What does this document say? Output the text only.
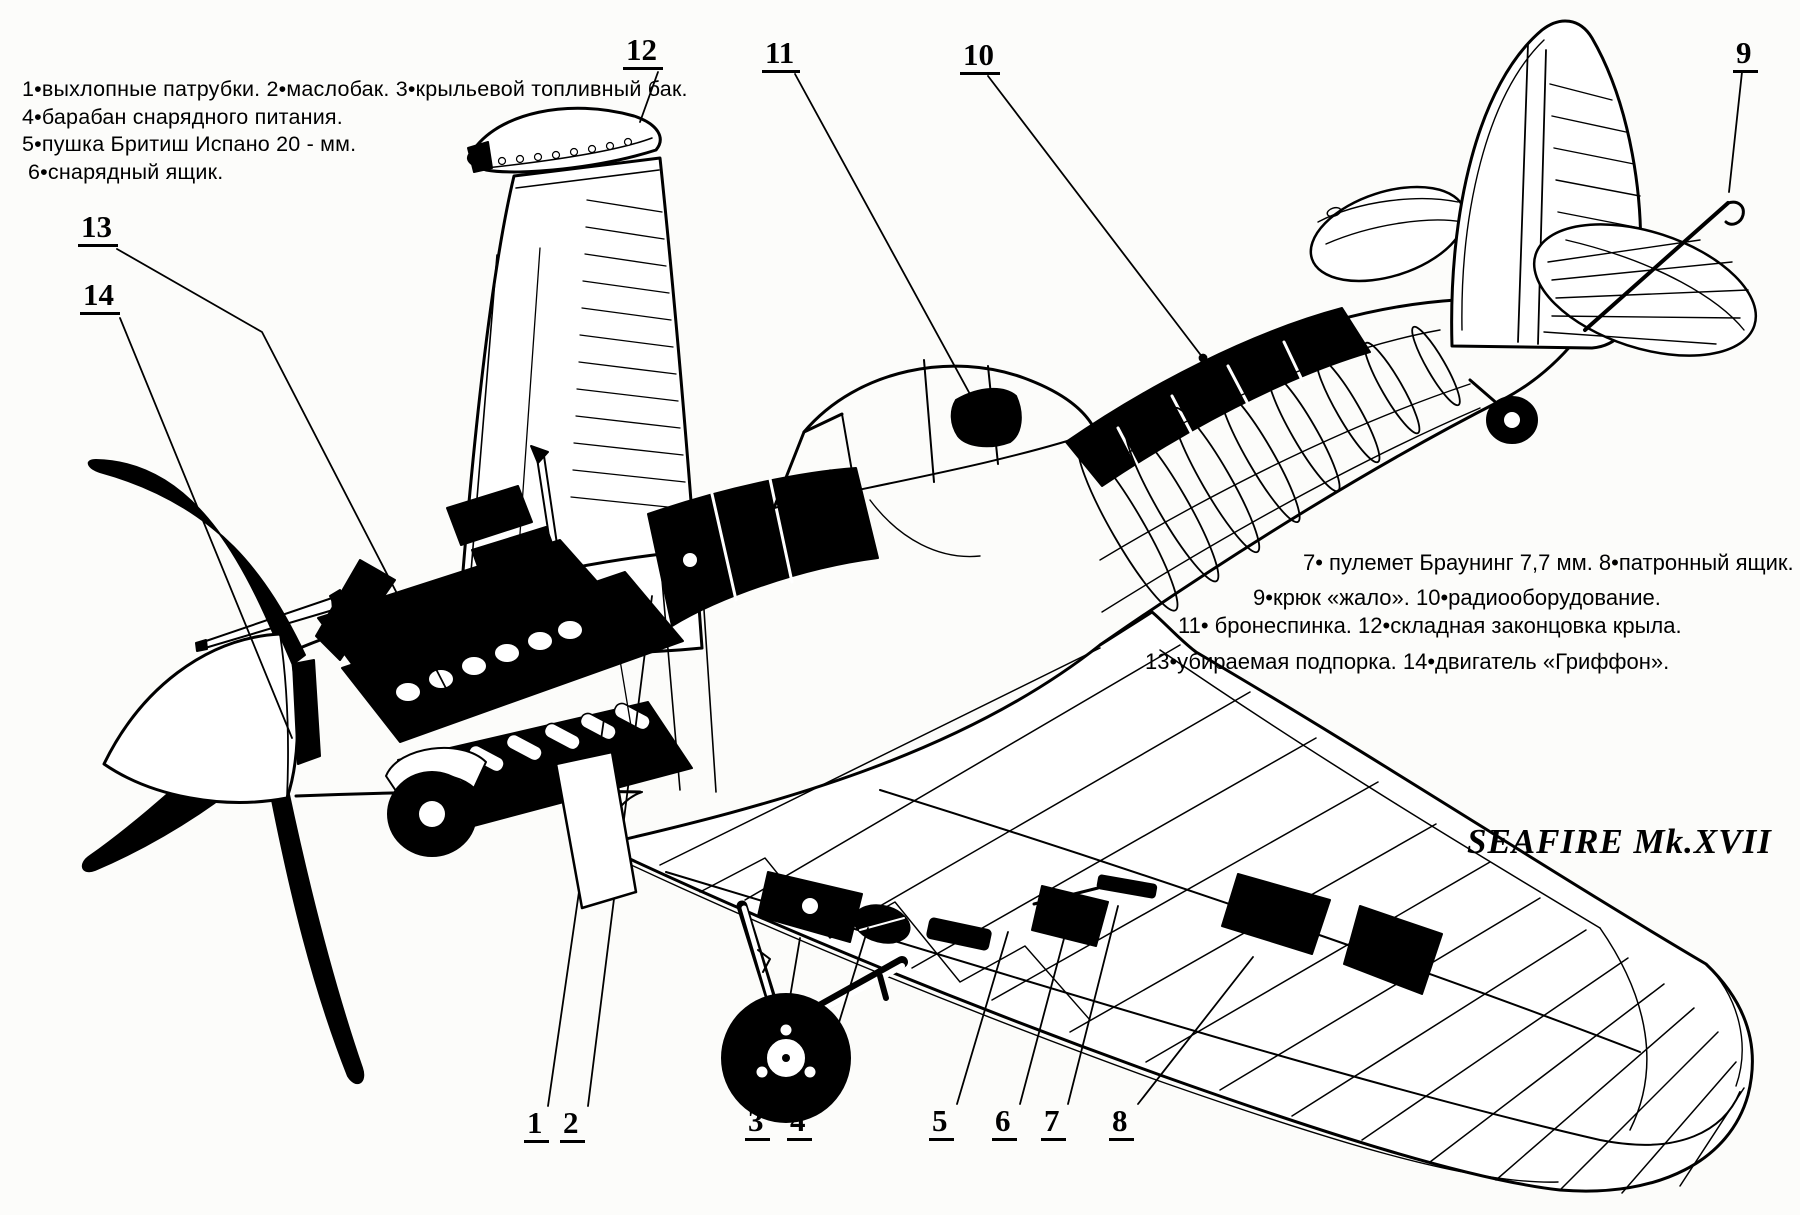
1•выхлопные патрубки. 2•маслобак. 3•крыльевой топливный бак.
4•барабан снарядного питания.
5•пушка Бритиш Испано 20 - мм.
6•снарядный ящик.
7• пулемет Браунинг 7,7 мм. 8•патронный ящик.
9•крюк «жало». 10•радиооборудование.
11• бронеспинка. 12•складная законцовка крыла.
13•убираемая подпорка. 14•двигатель «Гриффон».
1 2	3 4	5 6 7 8
9
10
11
12
13
14
SEAFIRE Mk.XVII
